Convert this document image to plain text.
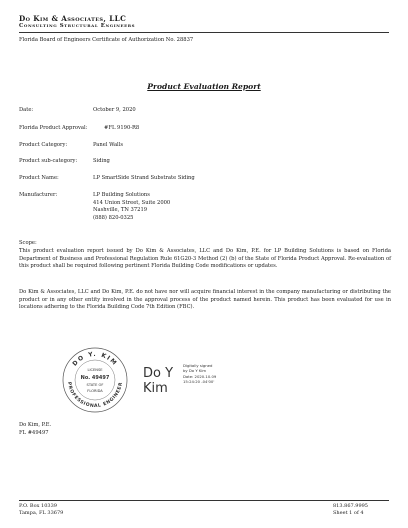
Do Kim & Associates, LLC
Consulting Structural Engineers
Florida Board of Engineers Certificate of Authorization No. 28837
Product Evaluation Report
Date:	October 9, 2020
Florida Product Approval:	#FL 9190-R8
Product Category:	Panel Walls
Product sub-category:	Siding
Product Name:	LP SmartSide Strand Substrate Siding
Manufacturer:	LP Building Solutions
414 Union Street, Suite 2000
Nashville, TN 37219
(888) 820-0325
Scope:
This product evaluation report issued by Do Kim & Associates, LLC and Do Kim, P.E. for LP Building Solutions is based on Florida Department of Business and Professional Regulation Rule 61G20-3 Method (2) (b) of the State of Florida Product Approval. Re-evaluation of this product shall be required following pertinent Florida Building Code modifications or updates.
Do Kim & Associates, LLC and Do Kim, P.E. do not have nor will acquire financial interest in the company manufacturing or distributing the product or in any other entity involved in the approval process of the product named herein. This product has been evaluated for use in locations adhering to the Florida Building Code 7th Edition (FBC).
DO Y. KIM
PROFESSIONAL ENGINEER
LICENSE
No. 49497
STATE OF
FLORIDA
Do Y
Kim
Digitally signed
by Do Y Kim
Date: 2020.10.09
15:24:20 -04'00'
Do Kim, P.E.
FL #49497
P.O. Box 10339
Tampa, FL 33679
813.867.9995
Sheet 1 of 4
